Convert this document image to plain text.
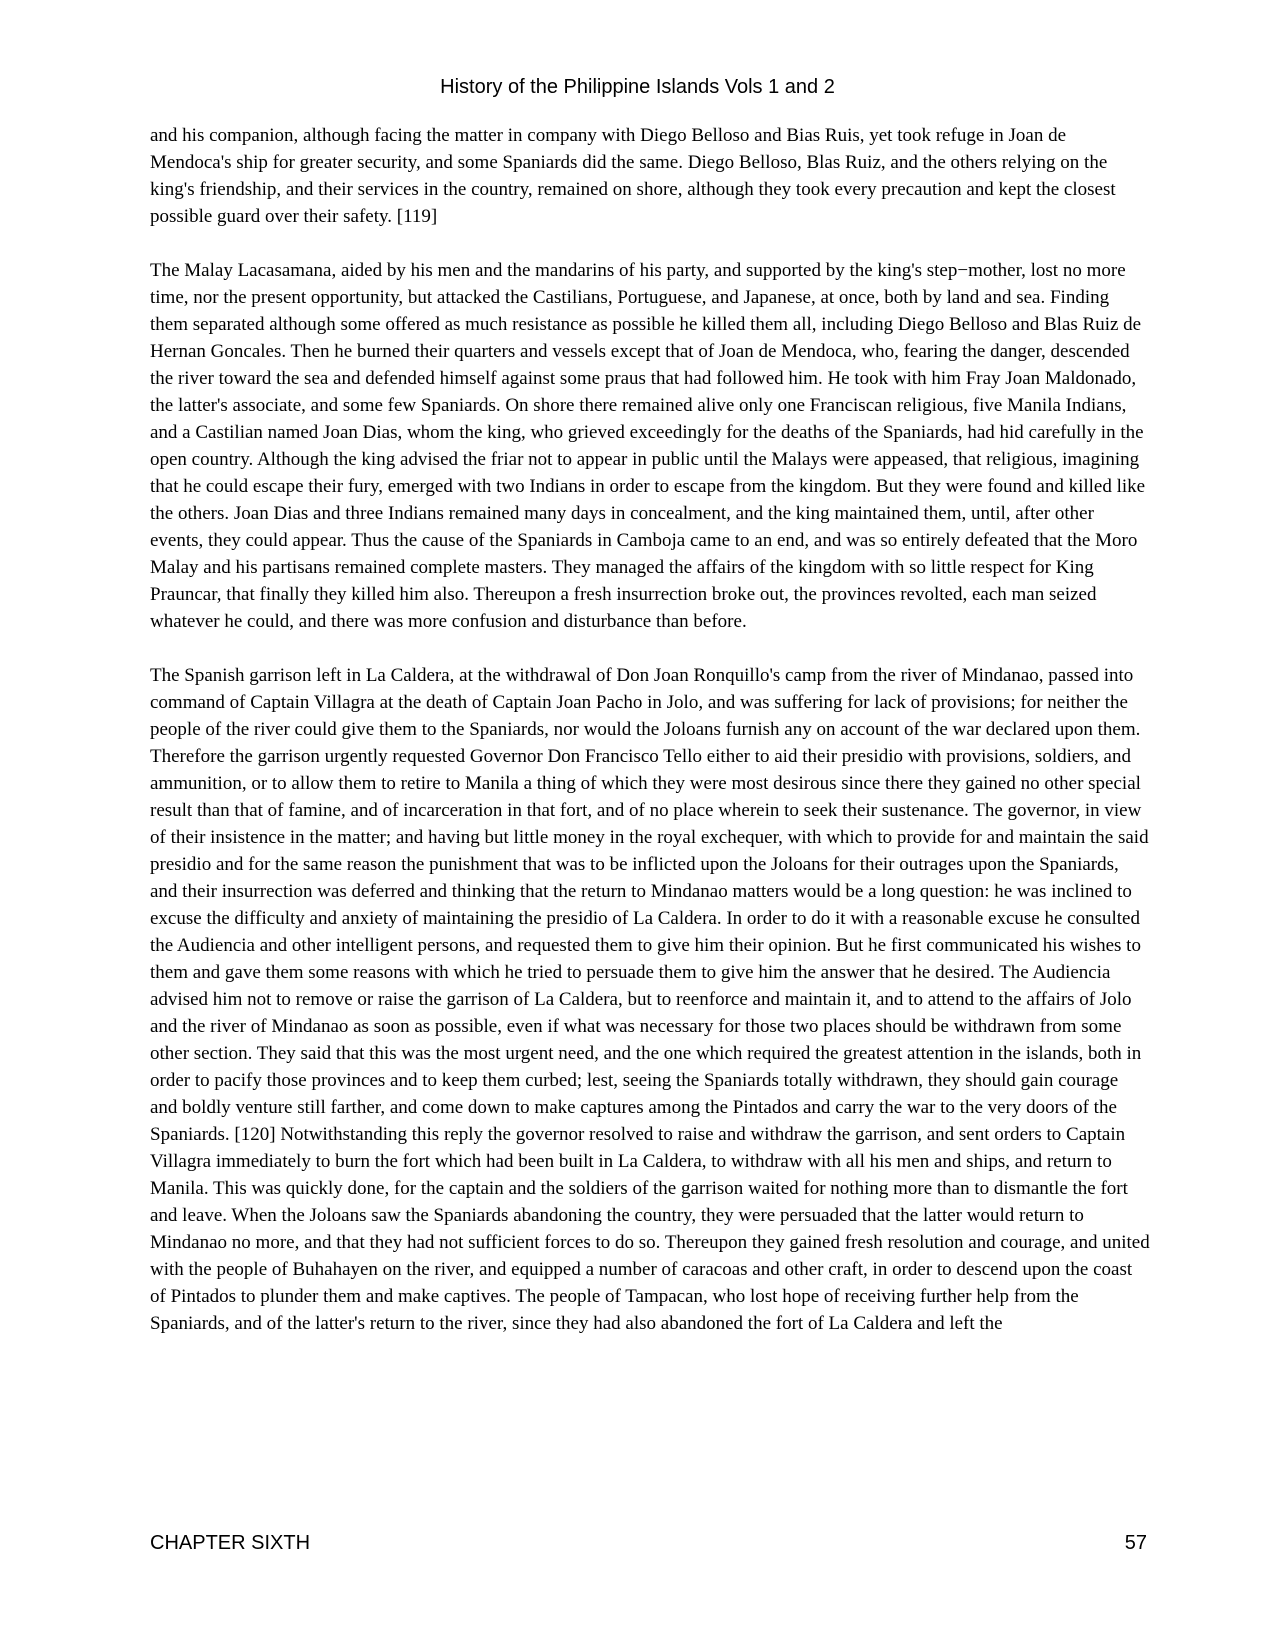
History of the Philippine Islands Vols 1 and 2

and his companion, although facing the matter in company with Diego Belloso and Bias Ruis, yet took refuge in Joan de Mendoca's ship for greater security, and some Spaniards did the same. Diego Belloso, Blas Ruiz, and the others relying on the king's friendship, and their services in the country, remained on shore, although they took every precaution and kept the closest possible guard over their safety. [119]

The Malay Lacasamana, aided by his men and the mandarins of his party, and supported by the king's step−mother, lost no more time, nor the present opportunity, but attacked the Castilians, Portuguese, and Japanese, at once, both by land and sea. Finding them separated although some offered as much resistance as possible he killed them all, including Diego Belloso and Blas Ruiz de Hernan Goncales. Then he burned their quarters and vessels except that of Joan de Mendoca, who, fearing the danger, descended the river toward the sea and defended himself against some praus that had followed him. He took with him Fray Joan Maldonado, the latter's associate, and some few Spaniards. On shore there remained alive only one Franciscan religious, five Manila Indians, and a Castilian named Joan Dias, whom the king, who grieved exceedingly for the deaths of the Spaniards, had hid carefully in the open country. Although the king advised the friar not to appear in public until the Malays were appeased, that religious, imagining that he could escape their fury, emerged with two Indians in order to escape from the kingdom. But they were found and killed like the others. Joan Dias and three Indians remained many days in concealment, and the king maintained them, until, after other events, they could appear. Thus the cause of the Spaniards in Camboja came to an end, and was so entirely defeated that the Moro Malay and his partisans remained complete masters. They managed the affairs of the kingdom with so little respect for King Prauncar, that finally they killed him also. Thereupon a fresh insurrection broke out, the provinces revolted, each man seized whatever he could, and there was more confusion and disturbance than before.

The Spanish garrison left in La Caldera, at the withdrawal of Don Joan Ronquillo's camp from the river of Mindanao, passed into command of Captain Villagra at the death of Captain Joan Pacho in Jolo, and was suffering for lack of provisions; for neither the people of the river could give them to the Spaniards, nor would the Joloans furnish any on account of the war declared upon them. Therefore the garrison urgently requested Governor Don Francisco Tello either to aid their presidio with provisions, soldiers, and ammunition, or to allow them to retire to Manila a thing of which they were most desirous since there they gained no other special result than that of famine, and of incarceration in that fort, and of no place wherein to seek their sustenance. The governor, in view of their insistence in the matter; and having but little money in the royal exchequer, with which to provide for and maintain the said presidio and for the same reason the punishment that was to be inflicted upon the Joloans for their outrages upon the Spaniards, and their insurrection was deferred and thinking that the return to Mindanao matters would be a long question: he was inclined to excuse the difficulty and anxiety of maintaining the presidio of La Caldera. In order to do it with a reasonable excuse he consulted the Audiencia and other intelligent persons, and requested them to give him their opinion. But he first communicated his wishes to them and gave them some reasons with which he tried to persuade them to give him the answer that he desired. The Audiencia advised him not to remove or raise the garrison of La Caldera, but to reenforce and maintain it, and to attend to the affairs of Jolo and the river of Mindanao as soon as possible, even if what was necessary for those two places should be withdrawn from some other section. They said that this was the most urgent need, and the one which required the greatest attention in the islands, both in order to pacify those provinces and to keep them curbed; lest, seeing the Spaniards totally withdrawn, they should gain courage and boldly venture still farther, and come down to make captures among the Pintados and carry the war to the very doors of the Spaniards. [120] Notwithstanding this reply the governor resolved to raise and withdraw the garrison, and sent orders to Captain Villagra immediately to burn the fort which had been built in La Caldera, to withdraw with all his men and ships, and return to Manila. This was quickly done, for the captain and the soldiers of the garrison waited for nothing more than to dismantle the fort and leave. When the Joloans saw the Spaniards abandoning the country, they were persuaded that the latter would return to Mindanao no more, and that they had not sufficient forces to do so. Thereupon they gained fresh resolution and courage, and united with the people of Buhahayen on the river, and equipped a number of caracoas and other craft, in order to descend upon the coast of Pintados to plunder them and make captives. The people of Tampacan, who lost hope of receiving further help from the Spaniards, and of the latter's return to the river, since they had also abandoned the fort of La Caldera and left the

CHAPTER SIXTH	57
